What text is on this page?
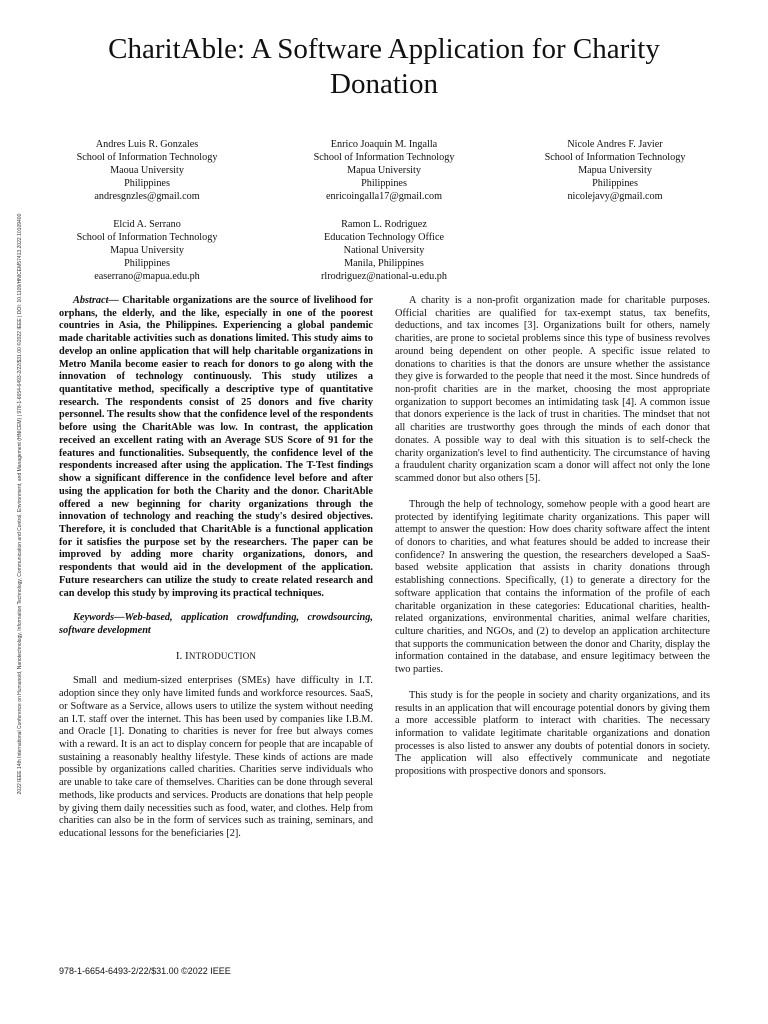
CharitAble: A Software Application for Charity Donation
2022 IEEE 14th International Conference on Humanoid, Nanotechnology, Information Technology, Communication and Control, Environment, and Management (HNICEM) | 978-1-6654-6493-2/22/$31.00 ©2022 IEEE | DOI: 10.1109/HNICEM57413.2022.10109400
Andres Luis R. Gonzales
School of Information Technology
Maoua University
Philippines
andresgnzles@gmail.com
Enrico Joaquin M. Ingalla
School of Information Technology
Mapua University
Philippines
enricoingalla17@gmail.com
Nicole Andres F. Javier
School of Information Technology
Mapua University
Philippines
nicolejavy@gmail.com
Elcid A. Serrano
School of Information Technology
Mapua University
Philippines
easerrano@mapua.edu.ph
Ramon L. Rodriguez
Education Technology Office
National University
Manila, Philippines
rlrodriguez@national-u.edu.ph

Abstract— Charitable organizations are the source of livelihood for orphans, the elderly, and the like, especially in one of the poorest countries in Asia, the Philippines. Experiencing a global pandemic made charitable activities such as donations limited. This study aims to develop an online application that will help charitable organizations in Metro Manila become easier to reach for donors to go along with the innovation of technology continuously. This study utilizes a quantitative method, specifically a descriptive type of quantitative research. The respondents consist of 25 donors and five charity personnel. The results show that the confidence level of the respondents before using the CharitAble was low. In contrast, the application received an excellent rating with an Average SUS Score of 91 for the features and functionalities. Subsequently, the confidence level of the respondents increased after using the application. The T-Test findings show a significant difference in the confidence level before and after using the application for both the Charity and the donor. CharitAble offered a new beginning for charity organizations through the innovation of technology and reaching the study's desired objectives. Therefore, it is concluded that CharitAble is a functional application for it satisfies the purpose set by the researchers. The paper can be improved by adding more charity organizations, donors, and respondents that would aid in the development of the application. Future researchers can utilize the study to create related research and can develop this study by improving its practical techniques.

Keywords—Web-based, application crowdfunding, crowdsourcing, software development

I. INTRODUCTION

Small and medium-sized enterprises (SMEs) have difficulty in I.T. adoption since they only have limited funds and workforce resources. SaaS, or Software as a Service, allows users to utilize the system without needing an I.T. staff over the internet. This has been used by companies like I.B.M. and Oracle [1]. Donating to charities is never for free but always comes with a reward. It is an act to display concern for people that are incapable of sustaining a reasonably healthy lifestyle. These kinds of actions are made possible by organizations called charities. Charities serve individuals who are unable to take care of themselves. Charities can be done through several methods, like products and services. Products are donations that help people by giving them daily necessities such as food, water, and clothes. Help from charities can also be in the form of services such as training, seminars, and educational lessons for the beneficiaries [2].

A charity is a non-profit organization made for charitable purposes. Official charities are qualified for tax-exempt status, tax benefits, deductions, and tax incomes [3]. Organizations built for others, namely charities, are prone to societal problems since this type of business revolves around being dependent on other people. A specific issue related to donations to charities is that the donors are unsure whether the assistance they give is forwarded to the people that need it the most. Since hundreds of non-profit charities are in the market, choosing the most appropriate organization to support becomes an intimidating task [4]. A common issue that donors experience is the lack of trust in charities. The mindset that not all charities are trustworthy goes through the minds of each donor that donates. A possible way to deal with this situation is to self-check the charity organization's level to find authenticity. The circumstance of having a fraudulent charity organization scam a donor will affect not only the lone scammed donor but also others [5].

Through the help of technology, somehow people with a good heart are protected by identifying legitimate charity organizations. This paper will attempt to answer the question: How does charity software affect the intent of donors to charities, and what features should be added to increase their confidence? In answering the question, the researchers developed a SaaS-based website application that assists in charity donations through establishing connections. Specifically, (1) to generate a directory for the software application that contains the information of the profile of each charitable organization in these categories: Educational charities, health-related organizations, environmental charities, animal welfare charities, culture charities, and NGOs, and (2) to develop an application architecture that supports the communication between the donor and Charity, display the information contained in the database, and ensure legitimacy between the two parties.

This study is for the people in society and charity organizations, and its results in an application that will encourage potential donors by giving them a more accessible platform to interact with charities. The necessary information to validate legitimate charitable organizations and donation processes is also listed to answer any doubts of potential donors in society. The application will also effectively communicate and negotiate propositions with prospective donors and sponsors.

978-1-6654-6493-2/22/$31.00 ©2022 IEEE
